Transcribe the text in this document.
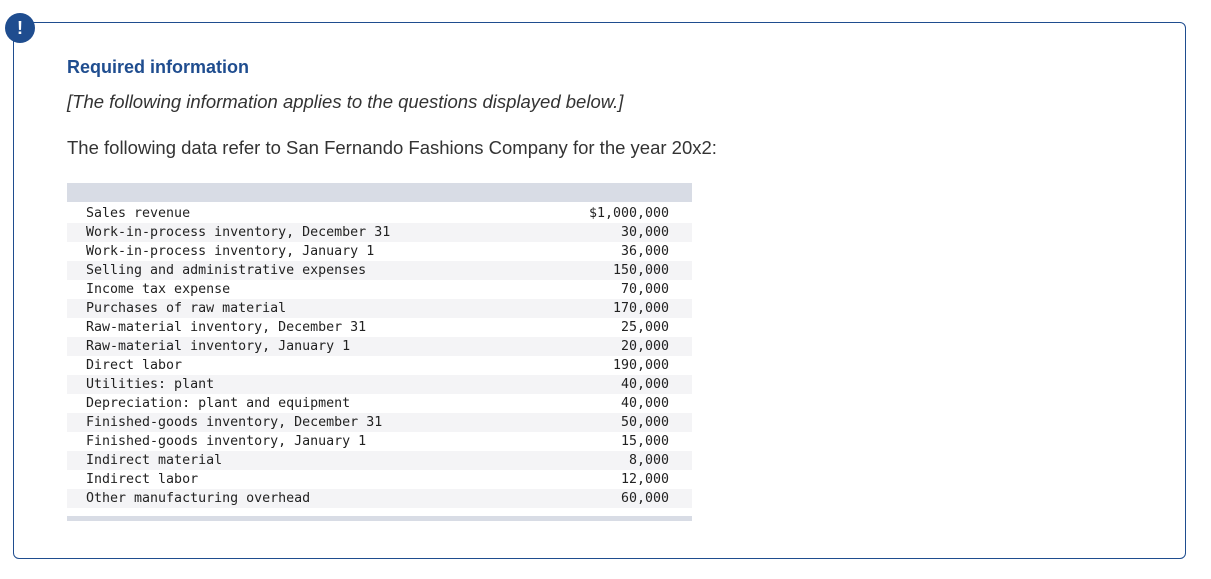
!
Required information
[The following information applies to the questions displayed below.]
The following data refer to San Fernando Fashions Company for the year 20x2:
Sales revenue	$1,000,000
Work-in-process inventory, December 31	30,000
Work-in-process inventory, January 1	36,000
Selling and administrative expenses	150,000
Income tax expense	70,000
Purchases of raw material	170,000
Raw-material inventory, December 31	25,000
Raw-material inventory, January 1	20,000
Direct labor	190,000
Utilities: plant	40,000
Depreciation: plant and equipment	40,000
Finished-goods inventory, December 31	50,000
Finished-goods inventory, January 1	15,000
Indirect material	8,000
Indirect labor	12,000
Other manufacturing overhead	60,000
